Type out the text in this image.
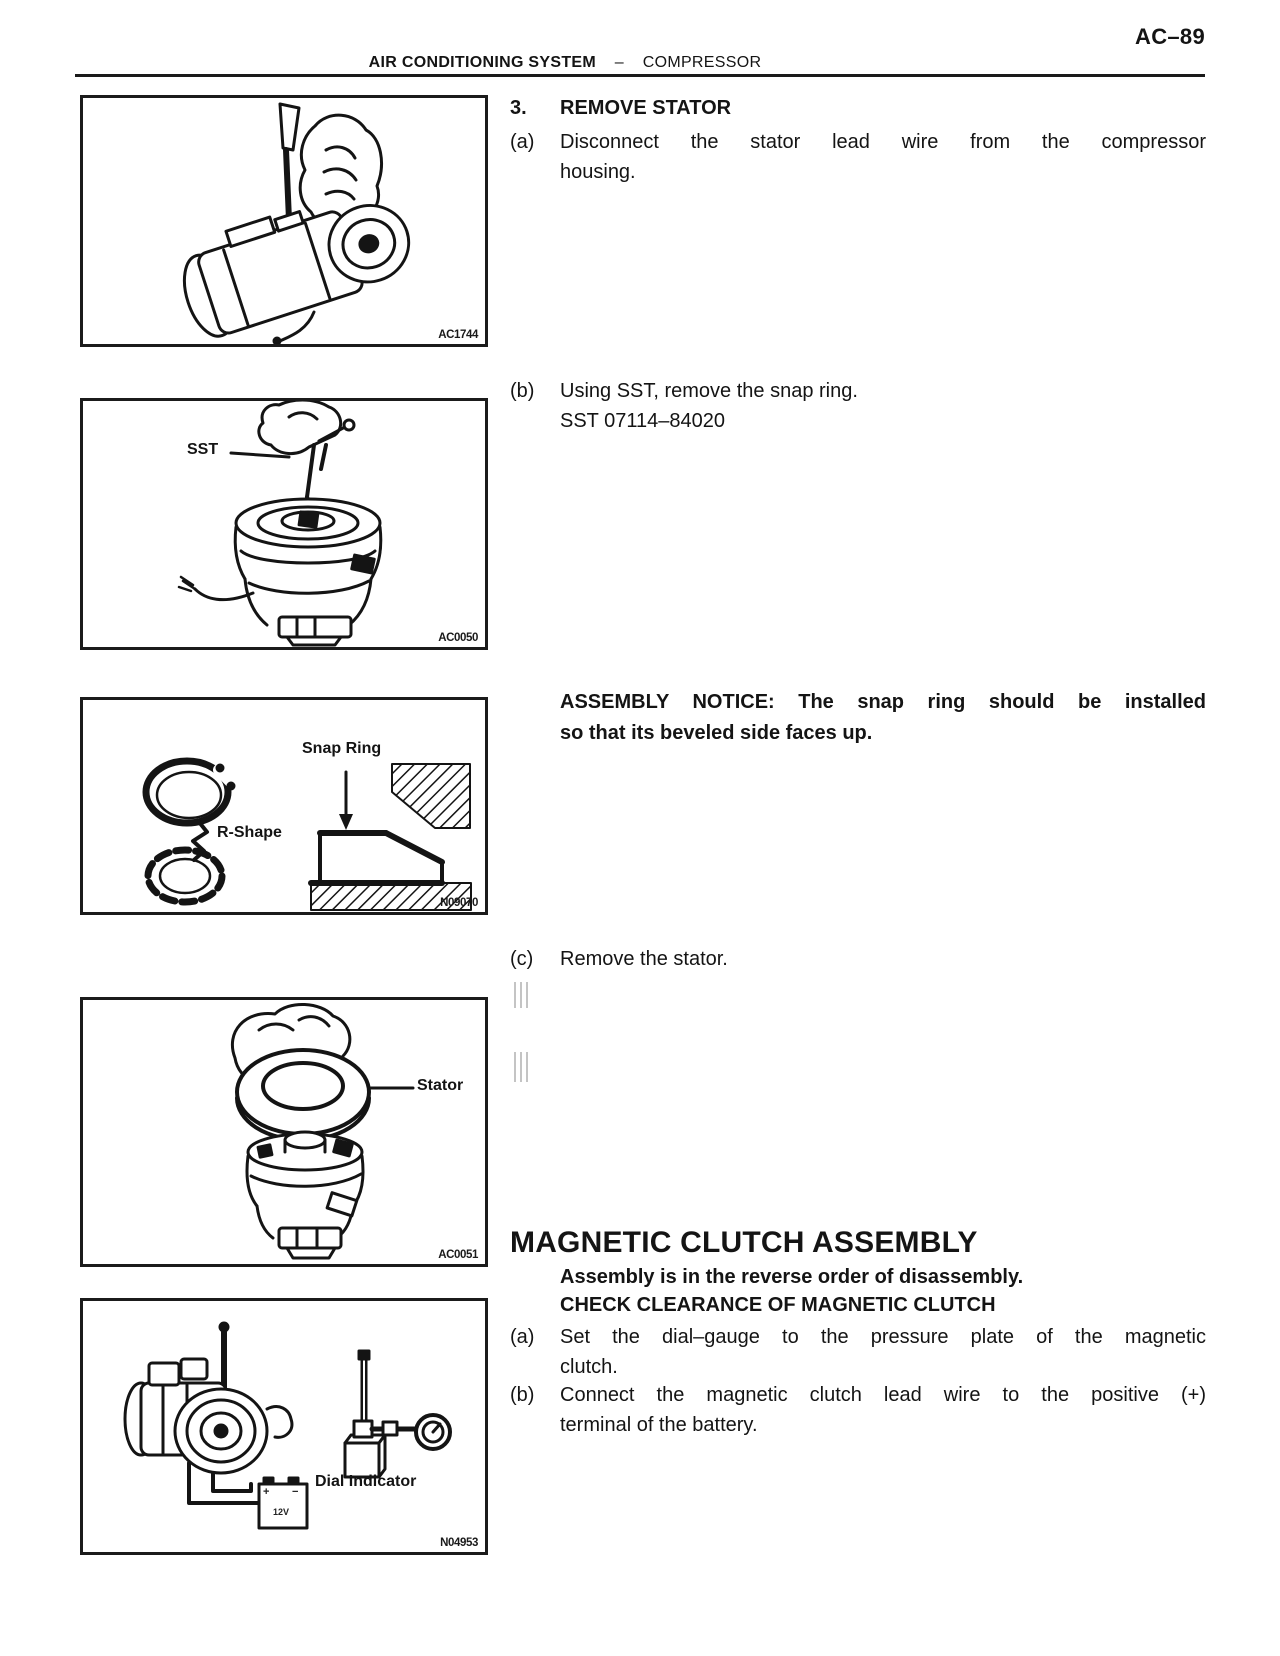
AC–89
AIR CONDITIONING SYSTEM – COMPRESSOR
AC1744
SST
AC0050
Snap Ring
R-Shape
N09070
Stator
AC0051
Dial Indicator
12V
+ −
N04953
3. REMOVE STATOR
(a) Disconnect the stator lead wire from the compressor
housing.
(b) Using SST, remove the snap ring.
SST 07114–84020
ASSEMBLY NOTICE: The snap ring should be installed
so that its beveled side faces up.
(c) Remove the stator.
MAGNETIC CLUTCH ASSEMBLY
Assembly is in the reverse order of disassembly.
CHECK CLEARANCE OF MAGNETIC CLUTCH
(a) Set the dial–gauge to the pressure plate of the magnetic
clutch.
(b) Connect the magnetic clutch lead wire to the positive (+)
terminal of the battery.
